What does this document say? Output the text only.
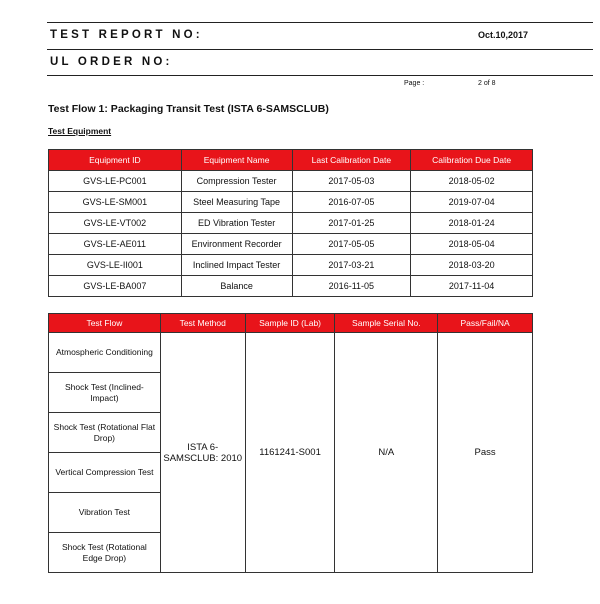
TEST REPORT NO:	Oct.10,2017
UL ORDER NO:
Page :	2 of 8
Test Flow 1: Packaging Transit Test (ISTA 6-SAMSCLUB)
Test Equipment
Equipment ID	Equipment Name	Last Calibration Date	Calibration Due Date
GVS-LE-PC001	Compression Tester	2017-05-03	2018-05-02
GVS-LE-SM001	Steel Measuring Tape	2016-07-05	2019-07-04
GVS-LE-VT002	ED Vibration Tester	2017-01-25	2018-01-24
GVS-LE-AE011	Environment Recorder	2017-05-05	2018-05-04
GVS-LE-II001	Inclined Impact Tester	2017-03-21	2018-03-20
GVS-LE-BA007	Balance	2016-11-05	2017-11-04
Test Flow	Test Method	Sample ID (Lab)	Sample Serial No.	Pass/Fail/NA
Atmospheric Conditioning	ISTA 6-SAMSCLUB: 2010	1161241-S001	N/A	Pass
Shock Test (Inclined-Impact)				
Shock Test (Rotational Flat Drop)				
Vertical Compression Test				
Vibration Test				
Shock Test (Rotational Edge Drop)				
